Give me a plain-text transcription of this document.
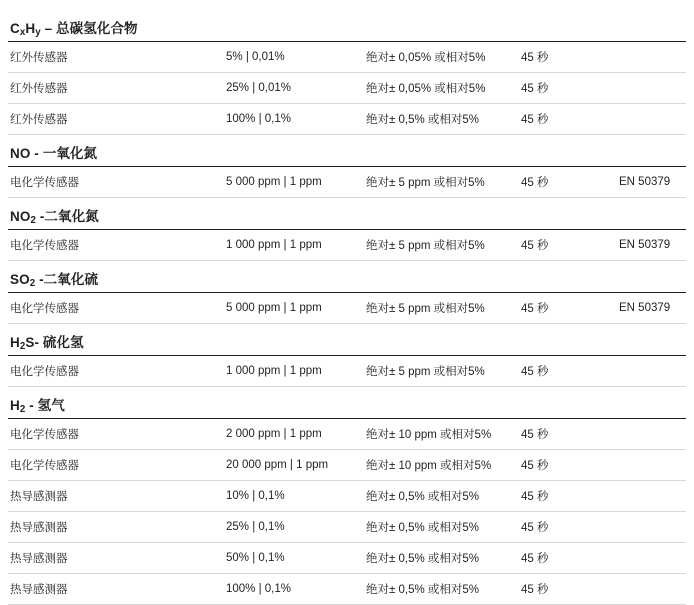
$C_xH_y$ – 总碳氢化合物
红外传感器	5% | 0,01%	绝对± 0,05% 或相对5%	45 秒
红外传感器	25% | 0,01%	绝对± 0,05% 或相对5%	45 秒
红外传感器	100% | 0,1%	绝对± 0,5% 或相对5%	45 秒
NO - 一氧化氮
电化学传感器	5 000 ppm | 1 ppm	绝对± 5 ppm 或相对5%	45 秒	EN 50379
$NO_2$ -二氧化氮
电化学传感器	1 000 ppm | 1 ppm	绝对± 5 ppm 或相对5%	45 秒	EN 50379
$SO_2$ -二氧化硫
电化学传感器	5 000 ppm | 1 ppm	绝对± 5 ppm 或相对5%	45 秒	EN 50379
$H_2S-$ 硫化氢
电化学传感器	1 000 ppm | 1 ppm	绝对± 5 ppm 或相对5%	45 秒
$H_2$ - 氢气
电化学传感器	2 000 ppm | 1 ppm	绝对± 10 ppm 或相对5%	45 秒
电化学传感器	20 000 ppm | 1 ppm	绝对± 10 ppm 或相对5%	45 秒
热导感测器	10% | 0,1%	绝对± 0,5% 或相对5%	45 秒
热导感测器	25% | 0,1%	绝对± 0,5% 或相对5%	45 秒
热导感测器	50% | 0,1%	绝对± 0,5% 或相对5%	45 秒
热导感测器	100% | 0,1%	绝对± 0,5% 或相对5%	45 秒
